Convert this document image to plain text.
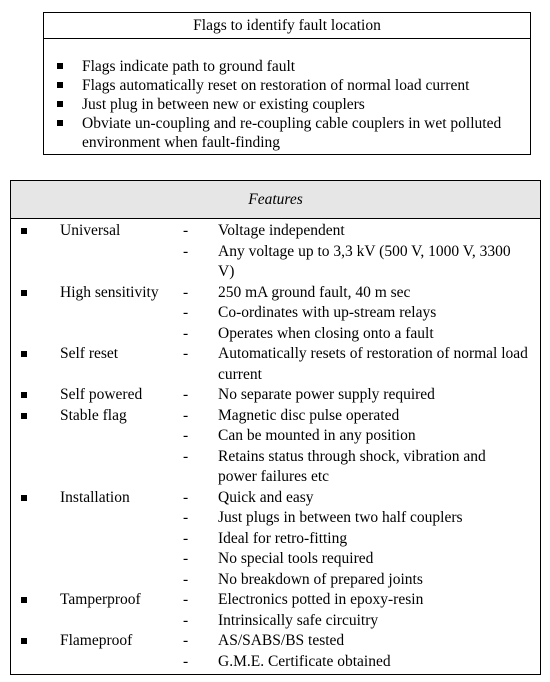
Flags to identify fault location
Flags indicate path to ground fault
Flags automatically reset on restoration of normal load current
Just plug in between new or existing couplers
Obviate un-coupling and re-coupling cable couplers in wet polluted environment when fault-finding
Features
Universal	- Voltage independent
- Any voltage up to 3,3 kV (500 V, 1000 V, 3300 V)
High sensitivity - 250 mA ground fault, 40 m sec
- Co-ordinates with up-stream relays
- Operates when closing onto a fault
Self reset	- Automatically resets of restoration of normal load current
Self powered	- No separate power supply required
Stable flag	- Magnetic disc pulse operated
- Can be mounted in any position
- Retains status through shock, vibration and power failures etc
Installation	- Quick and easy
- Just plugs in between two half couplers
- Ideal for retro-fitting
- No special tools required
- No breakdown of prepared joints
Tamperproof	- Electronics potted in epoxy-resin
- Intrinsically safe circuitry
Flameproof	- AS/SABS/BS tested
- G.M.E. Certificate obtained
